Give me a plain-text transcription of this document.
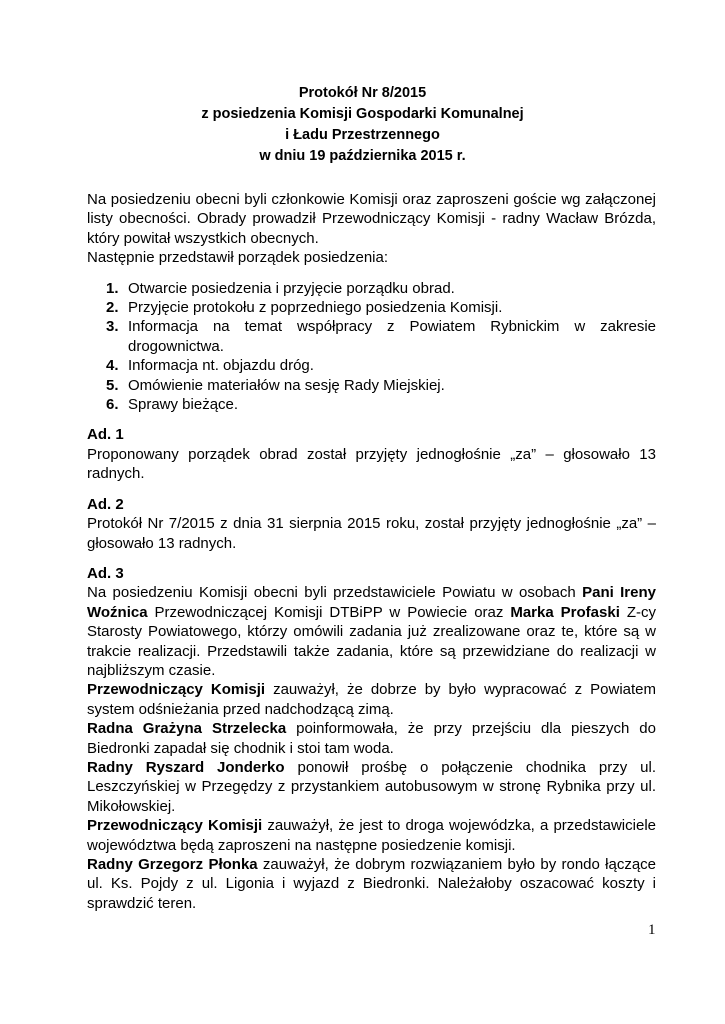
Protokół Nr 8/2015
z posiedzenia Komisji Gospodarki Komunalnej
i Ładu Przestrzennego
w dniu 19 października 2015 r.

Na posiedzeniu obecni byli członkowie Komisji oraz zaproszeni goście wg załączonej listy obecności. Obrady prowadził Przewodniczący Komisji - radny Wacław Brózda, który powitał wszystkich obecnych.

Następnie przedstawił porządek posiedzenia:

1. Otwarcie posiedzenia i przyjęcie porządku obrad.
2. Przyjęcie protokołu z poprzedniego posiedzenia Komisji.
3. Informacja na temat współpracy z Powiatem Rybnickim w zakresie drogownictwa.
4. Informacja nt. objazdu dróg.
5. Omówienie materiałów na sesję Rady Miejskiej.
6. Sprawy bieżące.

Ad. 1

Proponowany porządek obrad został przyjęty jednogłośnie „za” – głosowało 13 radnych.

Ad. 2

Protokół Nr 7/2015 z dnia 31 sierpnia 2015 roku, został przyjęty jednogłośnie „za” – głosowało 13 radnych.

Ad. 3

Na posiedzeniu Komisji obecni byli przedstawiciele Powiatu w osobach Pani Ireny Woźnica Przewodniczącej Komisji DTBiPP w Powiecie oraz Marka Profaski Z-cy Starosty Powiatowego, którzy omówili zadania już zrealizowane oraz te, które są w trakcie realizacji. Przedstawili także zadania, które są przewidziane do realizacji w najbliższym czasie.

Przewodniczący Komisji zauważył, że dobrze by było wypracować z Powiatem system odśnieżania przed nadchodzącą zimą.

Radna Grażyna Strzelecka poinformowała, że przy przejściu dla pieszych do Biedronki zapadał się chodnik i stoi tam woda.

Radny Ryszard Jonderko ponowił prośbę o połączenie chodnika przy ul. Leszczyńskiej w Przegędzy z przystankiem autobusowym w stronę Rybnika przy ul. Mikołowskiej.

Przewodniczący Komisji zauważył, że jest to droga wojewódzka, a przedstawiciele województwa będą zaproszeni na następne posiedzenie komisji.

Radny Grzegorz Płonka zauważył, że dobrym rozwiązaniem było by rondo łączące ul. Ks. Pojdy z ul. Ligonia i wyjazd z Biedronki. Należałoby oszacować koszty i sprawdzić teren.

1
